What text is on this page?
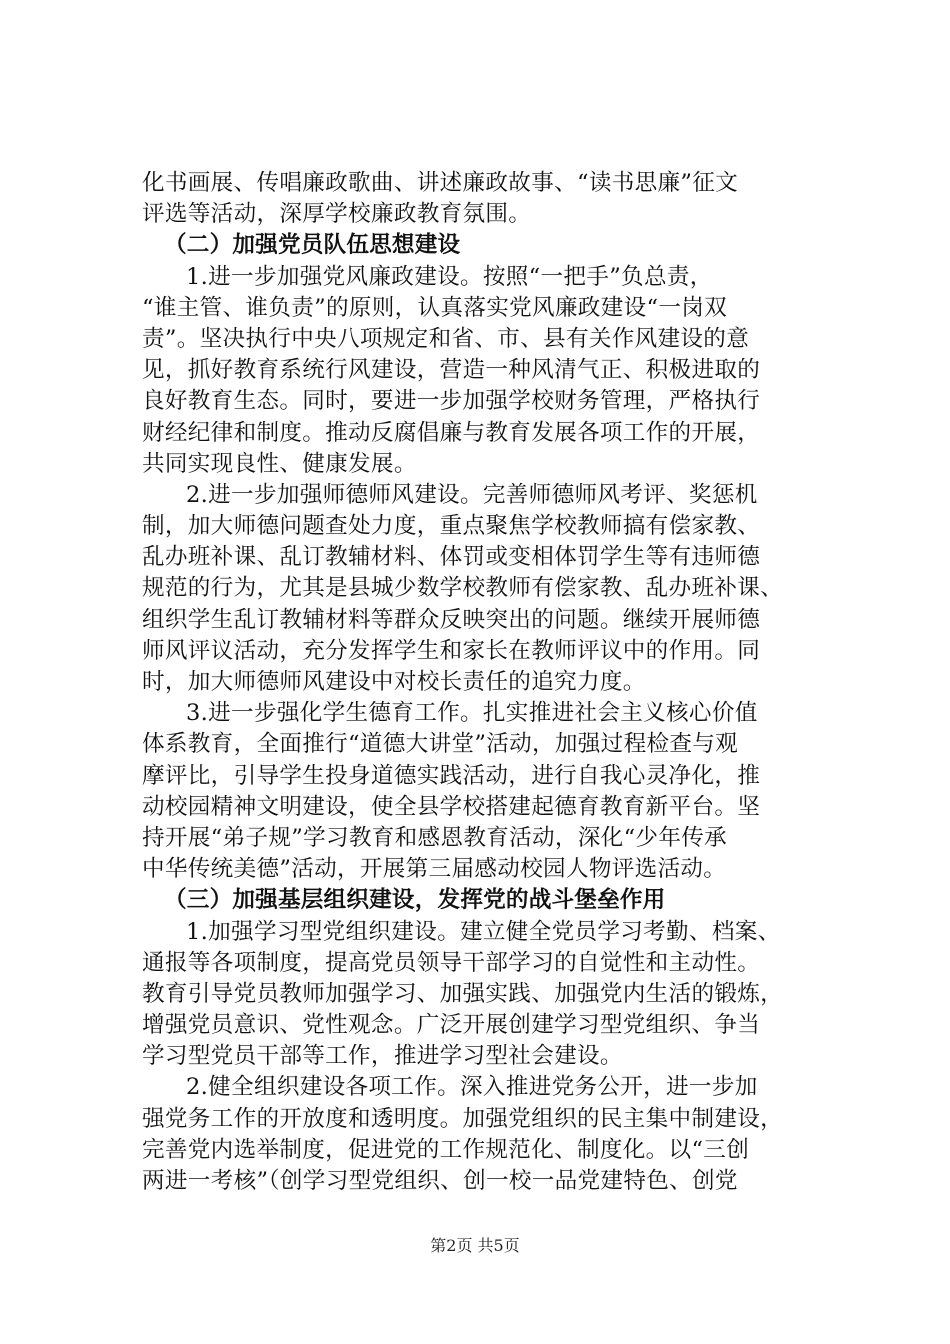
化书画展、传唱廉政歌曲、讲述廉政故事、“读书思廉”征文
评选等活动，深厚学校廉政教育氛围。
（二）加强党员队伍思想建设
1.进一步加强党风廉政建设。按照“一把手”负总责，
“谁主管、谁负责”的原则，认真落实党风廉政建设“一岗双
责”。坚决执行中央八项规定和省、市、县有关作风建设的意
见，抓好教育系统行风建设，营造一种风清气正、积极进取的
良好教育生态。同时，要进一步加强学校财务管理，严格执行
财经纪律和制度。推动反腐倡廉与教育发展各项工作的开展，
共同实现良性、健康发展。
2.进一步加强师德师风建设。完善师德师风考评、奖惩机
制，加大师德问题查处力度，重点聚焦学校教师搞有偿家教、
乱办班补课、乱订教辅材料、体罚或变相体罚学生等有违师德
规范的行为，尤其是县城少数学校教师有偿家教、乱办班补课、
组织学生乱订教辅材料等群众反映突出的问题。继续开展师德
师风评议活动，充分发挥学生和家长在教师评议中的作用。同
时，加大师德师风建设中对校长责任的追究力度。
3.进一步强化学生德育工作。扎实推进社会主义核心价值
体系教育，全面推行“道德大讲堂”活动，加强过程检查与观
摩评比，引导学生投身道德实践活动，进行自我心灵净化，推
动校园精神文明建设，使全县学校搭建起德育教育新平台。坚
持开展“弟子规”学习教育和感恩教育活动，深化“少年传承
中华传统美德”活动，开展第三届感动校园人物评选活动。
（三）加强基层组织建设，发挥党的战斗堡垒作用
1.加强学习型党组织建设。建立健全党员学习考勤、档案、
通报等各项制度，提高党员领导干部学习的自觉性和主动性。
教育引导党员教师加强学习、加强实践、加强党内生活的锻炼，
增强党员意识、党性观念。广泛开展创建学习型党组织、争当
学习型党员干部等工作，推进学习型社会建设。
2.健全组织建设各项工作。深入推进党务公开，进一步加
强党务工作的开放度和透明度。加强党组织的民主集中制建设，
完善党内选举制度，促进党的工作规范化、制度化。以“三创
两进一考核”（创学习型党组织、创一校一品党建特色、创党
第2页 共5页
